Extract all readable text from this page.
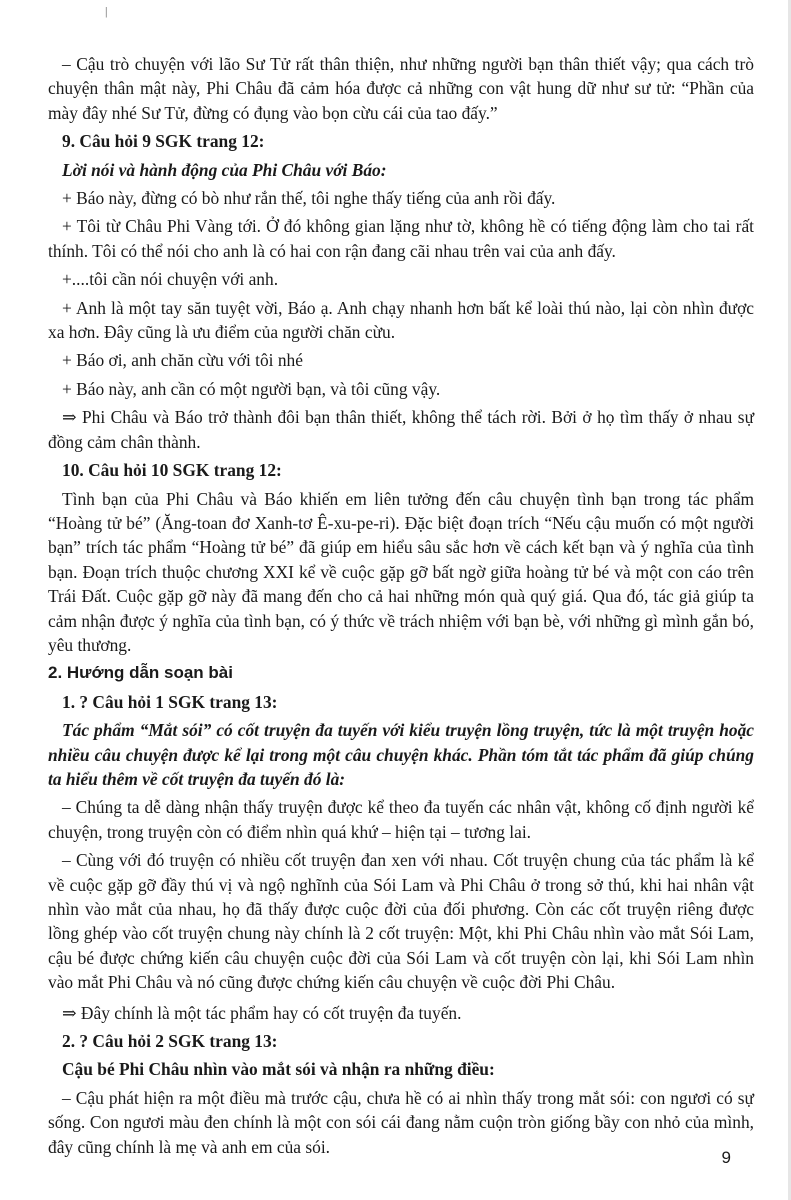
|

– Cậu trò chuyện với lão Sư Tử rất thân thiện, như những người bạn thân thiết vậy; qua cách trò chuyện thân mật này, Phi Châu đã cảm hóa được cả những con vật hung dữ như sư tử: “Phần của mày đây nhé Sư Tử, đừng có đụng vào bọn cừu cái của tao đấy.”

9. Câu hỏi 9 SGK trang 12:

Lời nói và hành động của Phi Châu với Báo:

+ Báo này, đừng có bò như rắn thế, tôi nghe thấy tiếng của anh rồi đấy.

+ Tôi từ Châu Phi Vàng tới. Ở đó không gian lặng như tờ, không hề có tiếng động làm cho tai rất thính. Tôi có thể nói cho anh là có hai con rận đang cãi nhau trên vai của anh đấy.

+....tôi cần nói chuyện với anh.

+ Anh là một tay săn tuyệt vời, Báo ạ. Anh chạy nhanh hơn bất kể loài thú nào, lại còn nhìn được xa hơn. Đây cũng là ưu điểm của người chăn cừu.

+ Báo ơi, anh chăn cừu với tôi nhé

+ Báo này, anh cần có một người bạn, và tôi cũng vậy.

⇒ Phi Châu và Báo trở thành đôi bạn thân thiết, không thể tách rời. Bởi ở họ tìm thấy ở nhau sự đồng cảm chân thành.

10. Câu hỏi 10 SGK trang 12:

Tình bạn của Phi Châu và Báo khiến em liên tưởng đến câu chuyện tình bạn trong tác phẩm “Hoàng tử bé” (Ăng-toan đơ Xanh-tơ Ê-xu-pe-ri). Đặc biệt đoạn trích “Nếu cậu muốn có một người bạn” trích tác phẩm “Hoàng tử bé” đã giúp em hiểu sâu sắc hơn về cách kết bạn và ý nghĩa của tình bạn. Đoạn trích thuộc chương XXI kể về cuộc gặp gỡ bất ngờ giữa hoàng tử bé và một con cáo trên Trái Đất. Cuộc gặp gỡ này đã mang đến cho cả hai những món quà quý giá. Qua đó, tác giả giúp ta cảm nhận được ý nghĩa của tình bạn, có ý thức về trách nhiệm với bạn bè, với những gì mình gắn bó, yêu thương.

2. Hướng dẫn soạn bài

1. ? Câu hỏi 1 SGK trang 13:

Tác phẩm “Mắt sói” có cốt truyện đa tuyến với kiểu truyện lồng truyện, tức là một truyện hoặc nhiều câu chuyện được kể lại trong một câu chuyện khác. Phần tóm tắt tác phẩm đã giúp chúng ta hiểu thêm về cốt truyện đa tuyến đó là:

– Chúng ta dễ dàng nhận thấy truyện được kể theo đa tuyến các nhân vật, không cố định người kể chuyện, trong truyện còn có điểm nhìn quá khứ – hiện tại – tương lai.

– Cùng với đó truyện có nhiều cốt truyện đan xen với nhau. Cốt truyện chung của tác phẩm là kể về cuộc gặp gỡ đầy thú vị và ngộ nghĩnh của Sói Lam và Phi Châu ở trong sở thú, khi hai nhân vật nhìn vào mắt của nhau, họ đã thấy được cuộc đời của đối phương. Còn các cốt truyện riêng được lồng ghép vào cốt truyện chung này chính là 2 cốt truyện: Một, khi Phi Châu nhìn vào mắt Sói Lam, cậu bé được chứng kiến câu chuyện cuộc đời của Sói Lam và cốt truyện còn lại, khi Sói Lam nhìn vào mắt Phi Châu và nó cũng được chứng kiến câu chuyện về cuộc đời Phi Châu.

⇒ Đây chính là một tác phẩm hay có cốt truyện đa tuyến.

2. ? Câu hỏi 2 SGK trang 13:

Cậu bé Phi Châu nhìn vào mắt sói và nhận ra những điều:

– Cậu phát hiện ra một điều mà trước cậu, chưa hề có ai nhìn thấy trong mắt sói: con ngươi có sự sống. Con ngươi màu đen chính là một con sói cái đang nằm cuộn tròn giống bầy con nhỏ của mình, đây cũng chính là mẹ và anh em của sói.

9
